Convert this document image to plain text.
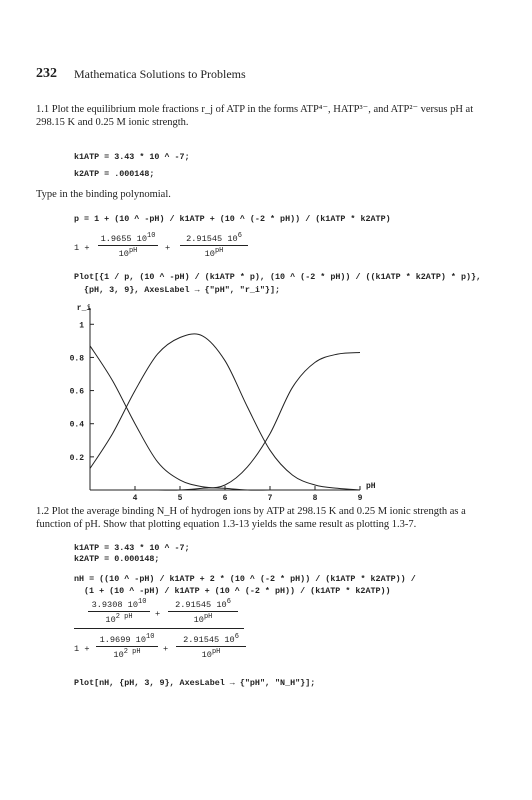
232 Mathematica Solutions to Problems
1.1 Plot the equilibrium mole fractions r_j of ATP in the forms ATP⁴⁻, HATP³⁻, and ATP²⁻ versus pH at 298.15 K and 0.25 M ionic strength.
k1ATP = 3.43 * 10 ^ -7;
k2ATP = .000148;
Type in the binding polynomial.
p = 1 + (10 ^ -pH) / k1ATP + (10 ^ (-2 * pH)) / (k1ATP * k2ATP)
1 +
1.9655 $10^{10}$
$10^{pH}$	+
2.91545 $10^6$
$10^{pH}$
Plot[{1 / p, (10 ^ -pH) / (k1ATP * p), (10 ^ (-2 * pH)) / ((k1ATP * k2ATP) * p)},
{pH, 3, 9}, AxesLabel → {"pH", "r_i"}];
4	5	6	7	8	9
0.2
0.4
0.6
0.8
1
r_i
pH
1.2 Plot the average binding N_H of hydrogen ions by ATP at 298.15 K and 0.25 M ionic strength as a function of pH. Show that plotting equation 1.3-13 yields the same result as plotting 1.3-7.
k1ATP = 3.43 * 10 ^ -7;
k2ATP = 0.000148;
nH = ((10 ^ -pH) / k1ATP + 2 * (10 ^ (-2 * pH)) / (k1ATP * k2ATP)) /
(1 + (10 ^ -pH) / k1ATP + (10 ^ (-2 * pH)) / (k1ATP * k2ATP))
3.9308 $10^{10}$
$10^{2 pH}$	+
2.91545 $10^6$
$10^{pH}$
1 +
1.9699 $10^{10}$
$10^{2 pH}$	+
2.91545 $10^6$
$10^{pH}$
Plot[nH, {pH, 3, 9}, AxesLabel → {"pH", "N_H"}];
